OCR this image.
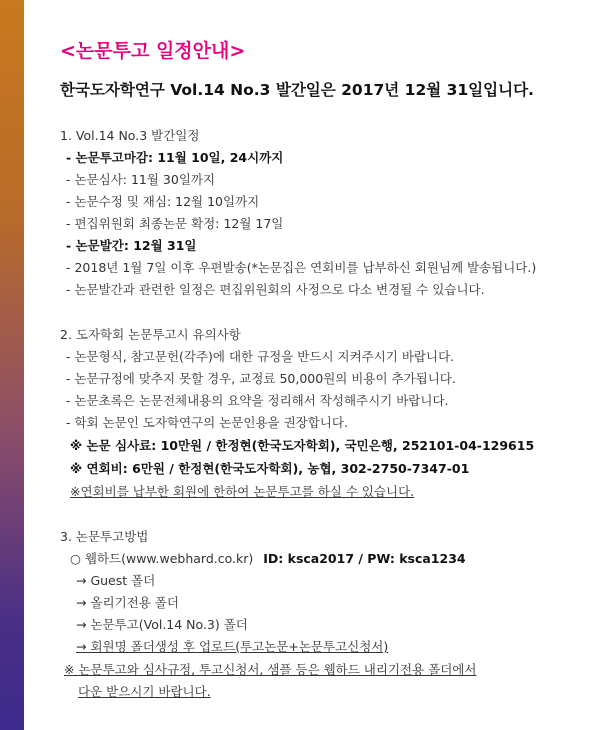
<논문투고 일정안내>
한국도자학연구 Vol.14 No.3 발간일은 2017년 12월 31일입니다.
1. Vol.14 No.3 발간일정
- 논문투고마감: 11월 10일, 24시까지
- 논문심사: 11월 30일까지
- 논문수정 및 재심: 12월 10일까지
- 편집위원회 최종논문 확정: 12월 17일
- 논문발간: 12월 31일
- 2018년 1월 7일 이후 우편발송(*논문집은 연회비를 납부하신 회원님께 발송됩니다.)
- 논문발간과 관련한 일정은 편집위원회의 사정으로 다소 변경될 수 있습니다.
2. 도자학회 논문투고시 유의사항
- 논문형식, 참고문헌(각주)에 대한 규정을 반드시 지켜주시기 바랍니다.
- 논문규정에 맞추지 못할 경우, 교정료 50,000원의 비용이 추가됩니다.
- 논문초록은 논문전체내용의 요약을 정리해서 작성해주시기 바랍니다.
- 학회 논문인 도자학연구의 논문인용을 권장합니다.
※ 논문 심사료: 10만원 / 한정현(한국도자학회), 국민은행, 252101-04-129615
※ 연회비: 6만원 / 한정현(한국도자학회), 농협, 302-2750-7347-01
※연회비를 납부한 회원에 한하여 논문투고를 하실 수 있습니다.
3. 논문투고방법
○ 웹하드(www.webhard.co.kr) ID: ksca2017 / PW: ksca1234
→ Guest 폴더
→ 올리기전용 폴더
→ 논문투고(Vol.14 No.3) 폴더
→ 회원명 폴더생성 후 업로드(투고논문+논문투고신청서)
※ 논문투고와 심사규정, 투고신청서, 샘플 등은 웹하드 내리기전용 폴더에서
다운 받으시기 바랍니다.
